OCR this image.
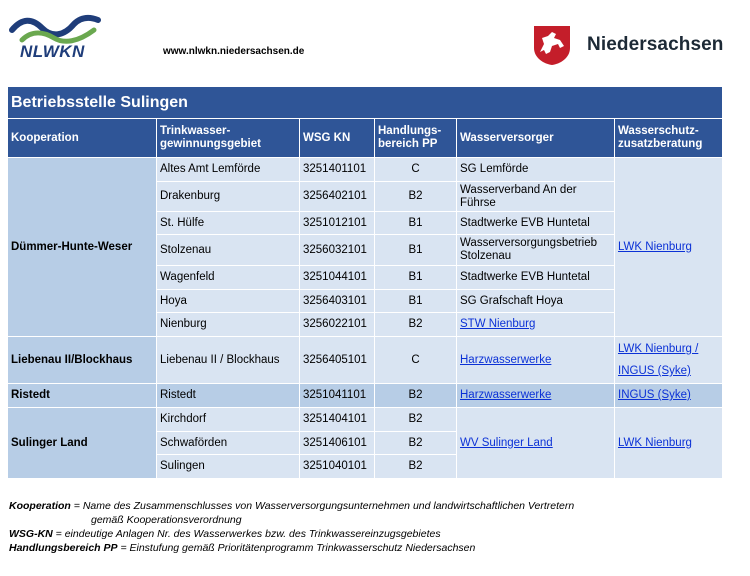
NLWKN	www.nlwkn.niedersachsen.de	Niedersachsen
Betriebsstelle Sulingen					
Kooperation	Trinkwasser-gewinnungsgebiet	WSG KN	Handlungs-bereich PP	Wasserversorger	Wasserschutz-zusatzberatung
Dümmer-Hunte-Weser	Altes Amt Lemförde	3251401101	C	SG Lemförde	LWK Nienburg
	Drakenburg	3256402101	B2	Wasserverband An der Führse	
	St. Hülfe	3251012101	B1	Stadtwerke EVB Huntetal	
	Stolzenau	3256032101	B1	Wasserversorgungsbetrieb Stolzenau	
	Wagenfeld	3251044101	B1	Stadtwerke EVB Huntetal	
	Hoya	3256403101	B1	SG Grafschaft Hoya	
	Nienburg	3256022101	B2	STW Nienburg	
Liebenau II/Blockhaus	Liebenau II / Blockhaus	3256405101	C	Harzwasserwerke	LWK Nienburg /
INGUS (Syke)
Ristedt	Ristedt	3251041101	B2	Harzwasserwerke	INGUS (Syke)
Sulinger Land	Kirchdorf	3251404101	B2	WV Sulinger Land	LWK Nienburg
	Schwaförden	3251406101	B2		
	Sulingen	3251040101	B2		
Kooperation = Name des Zusammenschlusses von Wasserversorgungsunternehmen und landwirtschaftlichen Vertretern
gemäß Kooperationsverordnung
WSG-KN = eindeutige Anlagen Nr. des Wasserwerkes bzw. des Trinkwassereinzugsgebietes
Handlungsbereich PP = Einstufung gemäß Prioritätenprogramm Trinkwasserschutz Niedersachsen
